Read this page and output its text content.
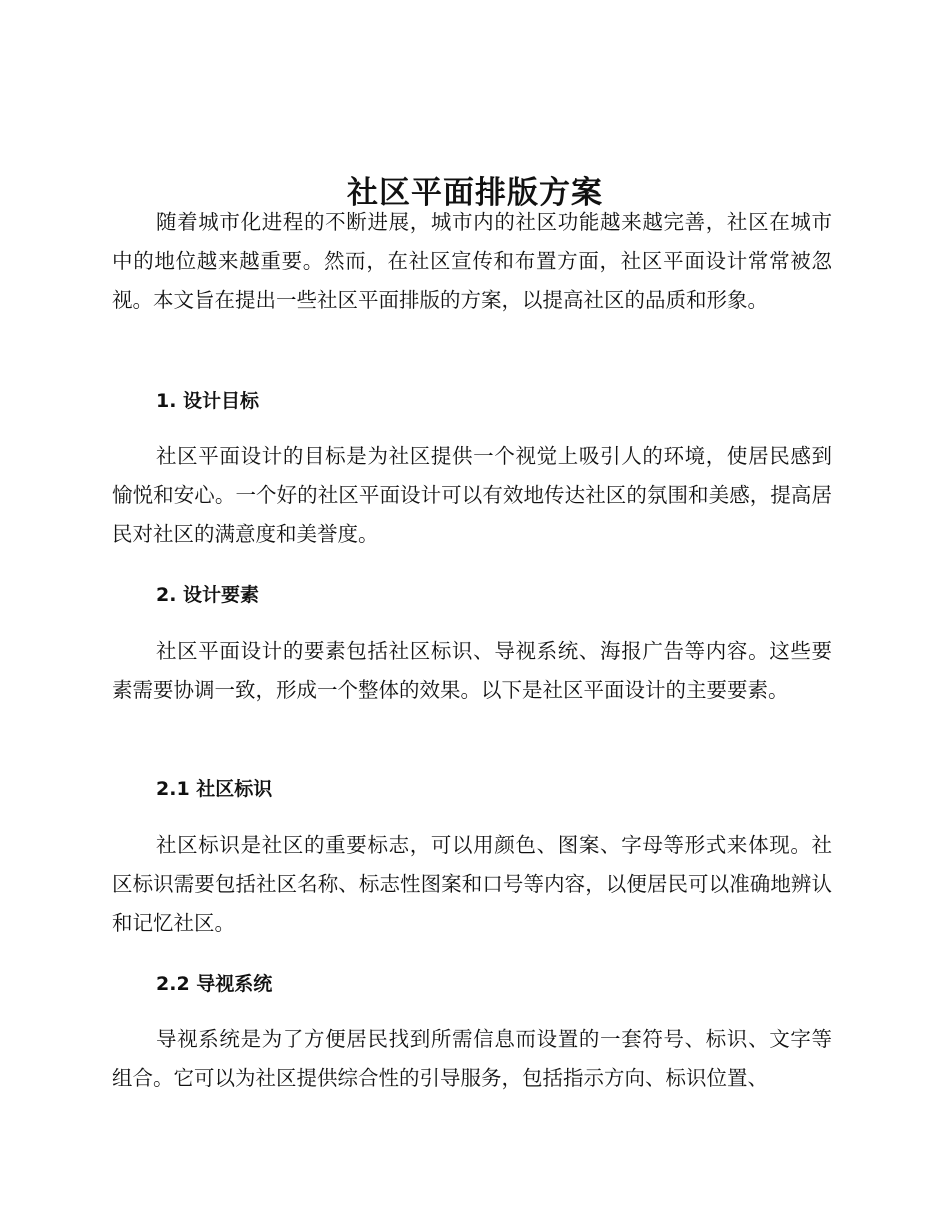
社区平面排版方案

随着城市化进程的不断进展，城市内的社区功能越来越完善，社区在城市中的地位越来越重要。然而，在社区宣传和布置方面，社区平面设计常常被忽视。本文旨在提出一些社区平面排版的方案，以提高社区的品质和形象。

1. 设计目标

社区平面设计的目标是为社区提供一个视觉上吸引人的环境，使居民感到愉悦和安心。一个好的社区平面设计可以有效地传达社区的氛围和美感，提高居民对社区的满意度和美誉度。

2. 设计要素

社区平面设计的要素包括社区标识、导视系统、海报广告等内容。这些要素需要协调一致，形成一个整体的效果。以下是社区平面设计的主要要素。

2.1 社区标识

社区标识是社区的重要标志，可以用颜色、图案、字母等形式来体现。社区标识需要包括社区名称、标志性图案和口号等内容，以便居民可以准确地辨认和记忆社区。

2.2 导视系统

导视系统是为了方便居民找到所需信息而设置的一套符号、标识、文字等组合。它可以为社区提供综合性的引导服务，包括指示方向、标识位置、
